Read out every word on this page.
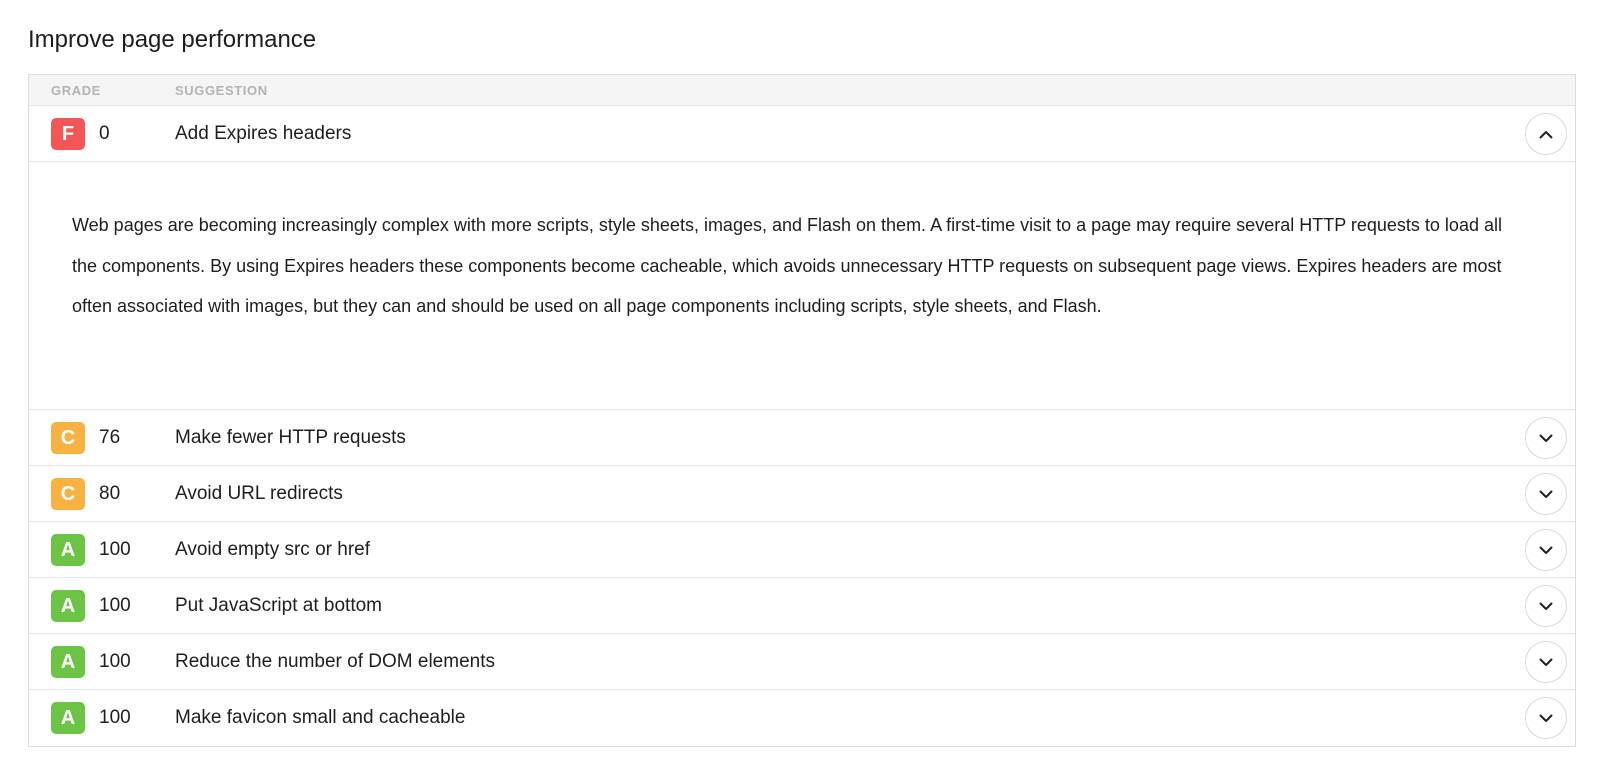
Improve page performance
GRADE	SUGGESTION
F	0	Add Expires headers

Web pages are becoming increasingly complex with more scripts, style sheets, images, and Flash on them. A first-time visit to a page may require several HTTP requests to load all the components. By using Expires headers these components become cacheable, which avoids unnecessary HTTP requests on subsequent page views. Expires headers are most often associated with images, but they can and should be used on all page components including scripts, style sheets, and Flash.

C	76	Make fewer HTTP requests
C	80	Avoid URL redirects
A	100 Avoid empty src or href
A	100 Put JavaScript at bottom
A	100 Reduce the number of DOM elements
A	100 Make favicon small and cacheable
